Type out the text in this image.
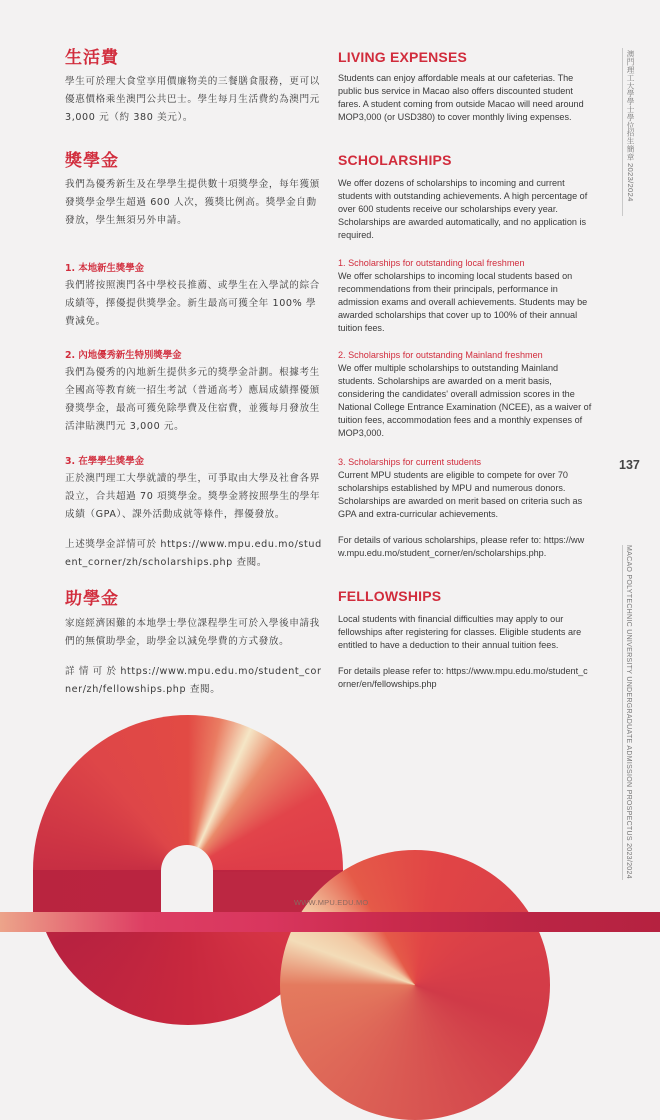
生活費

學生可於理大食堂享用價廉物美的三餐膳食服務，更可以優惠價格乘坐澳門公共巴士。學生每月生活費約為澳門元 3,000 元（約 380 美元）。

獎學金

我們為優秀新生及在學學生提供數十項獎學金，每年獲頒發獎學金學生超過 600 人次，獲獎比例高。獎學金自動發放，學生無須另外申請。

1. 本地新生獎學金

我們將按照澳門各中學校長推薦、或學生在入學試的綜合成績等，擇優提供獎學金。新生最高可獲全年 100% 學費減免。

2. 內地優秀新生特別獎學金

我們為優秀的內地新生提供多元的獎學金計劃。根據考生全國高等教育統一招生考試（普通高考）應屆成績擇優頒發獎學金，最高可獲免除學費及住宿費，並獲每月發放生活津貼澳門元 3,000 元。

3. 在學學生獎學金

正於澳門理工大學就讀的學生，可爭取由大學及社會各界設立，合共超過 70 項獎學金。獎學金將按照學生的學年成績（GPA）、課外活動成就等條件，擇優發放。

上述獎學金詳情可於 https://www.mpu.edu.mo/student_corner/zh/scholarships.php 查閱。

助學金

家庭經濟困難的本地學士學位課程學生可於入學後申請我們的無償助學金，助學金以減免學費的方式發放。

詳 情 可 於 https://www.mpu.edu.mo/student_corner/zh/fellowships.php 查閱。

LIVING EXPENSES

Students can enjoy affordable meals at our cafeterias. The public bus service in Macao also offers discounted student fares. A student coming from outside Macao will need around MOP3,000 (or USD380) to cover monthly living expenses.

SCHOLARSHIPS

We offer dozens of scholarships to incoming and current students with outstanding achievements. A high percentage of over 600 students receive our scholarships every year. Scholarships are awarded automatically, and no application is required.

1. Scholarships for outstanding local freshmen

We offer scholarships to incoming local students based on recommendations from their principals, performance in admission exams and overall achievements. Students may be awarded scholarships that cover up to 100% of their annual tuition fees.

2. Scholarships for outstanding Mainland freshmen

We offer multiple scholarships to outstanding Mainland students. Scholarships are awarded on a merit basis, considering the candidates' overall admission scores in the National College Entrance Examination (NCEE), as a waiver of tuition fees, accommodation fees and a monthly expenses of MOP3,000.

3. Scholarships for current students

Current MPU students are eligible to compete for over 70 scholarships established by MPU and numerous donors. Scholarships are awarded on merit based on criteria such as GPA and extra-curricular achievements.

For details of various scholarships, please refer to: https://www.mpu.edu.mo/student_corner/en/scholarships.php.

FELLOWSHIPS

Local students with financial difficulties may apply to our fellowships after registering for classes. Eligible students are entitled to have a deduction to their annual tuition fees.

For details please refer to: https://www.mpu.edu.mo/student_corner/en/fellowships.php

澳門理工大學學士學位招生簡章 2023/2024
137
MACAO POLYTECHNIC UNIVERSITY UNDERGRADUATE ADMISSION PROSPECTUS 2023/2024
WWW.MPU.EDU.MO
